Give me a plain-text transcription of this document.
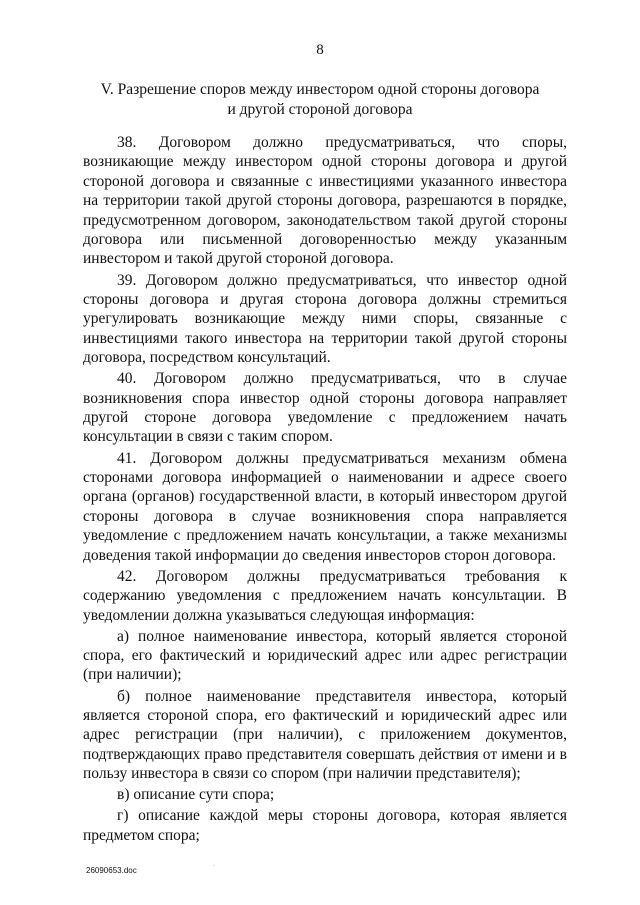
8
V. Разрешение споров между инвестором одной стороны договора
и другой стороной договора

38. Договором должно предусматриваться, что споры, возникающие между инвестором одной стороны договора и другой стороной договора и связанные с инвестициями указанного инвестора на территории такой другой стороны договора, разрешаются в порядке, предусмотренном договором, законодательством такой другой стороны договора или письменной договоренностью между указанным инвестором и такой другой стороной договора.

39. Договором должно предусматриваться, что инвестор одной стороны договора и другая сторона договора должны стремиться урегулировать возникающие между ними споры, связанные с инвестициями такого инвестора на территории такой другой стороны договора, посредством консультаций.

40. Договором должно предусматриваться, что в случае возникновения спора инвестор одной стороны договора направляет другой стороне договора уведомление с предложением начать консультации в связи с таким спором.

41. Договором должны предусматриваться механизм обмена сторонами договора информацией о наименовании и адресе своего органа (органов) государственной власти, в который инвестором другой стороны договора в случае возникновения спора направляется уведомление с предложением начать консультации, а также механизмы доведения такой информации до сведения инвесторов сторон договора.

42. Договором должны предусматриваться требования к содержанию уведомления с предложением начать консультации. В уведомлении должна указываться следующая информация:

а) полное наименование инвестора, который является стороной спора, его фактический и юридический адрес или адрес регистрации (при наличии);

б) полное наименование представителя инвестора, который является стороной спора, его фактический и юридический адрес или адрес регистрации (при наличии), с приложением документов, подтверждающих право представителя совершать действия от имени и в пользу инвестора в связи со спором (при наличии представителя);

в) описание сути спора;

г) описание каждой меры стороны договора, которая является предметом спора;

26090653.doc	·
